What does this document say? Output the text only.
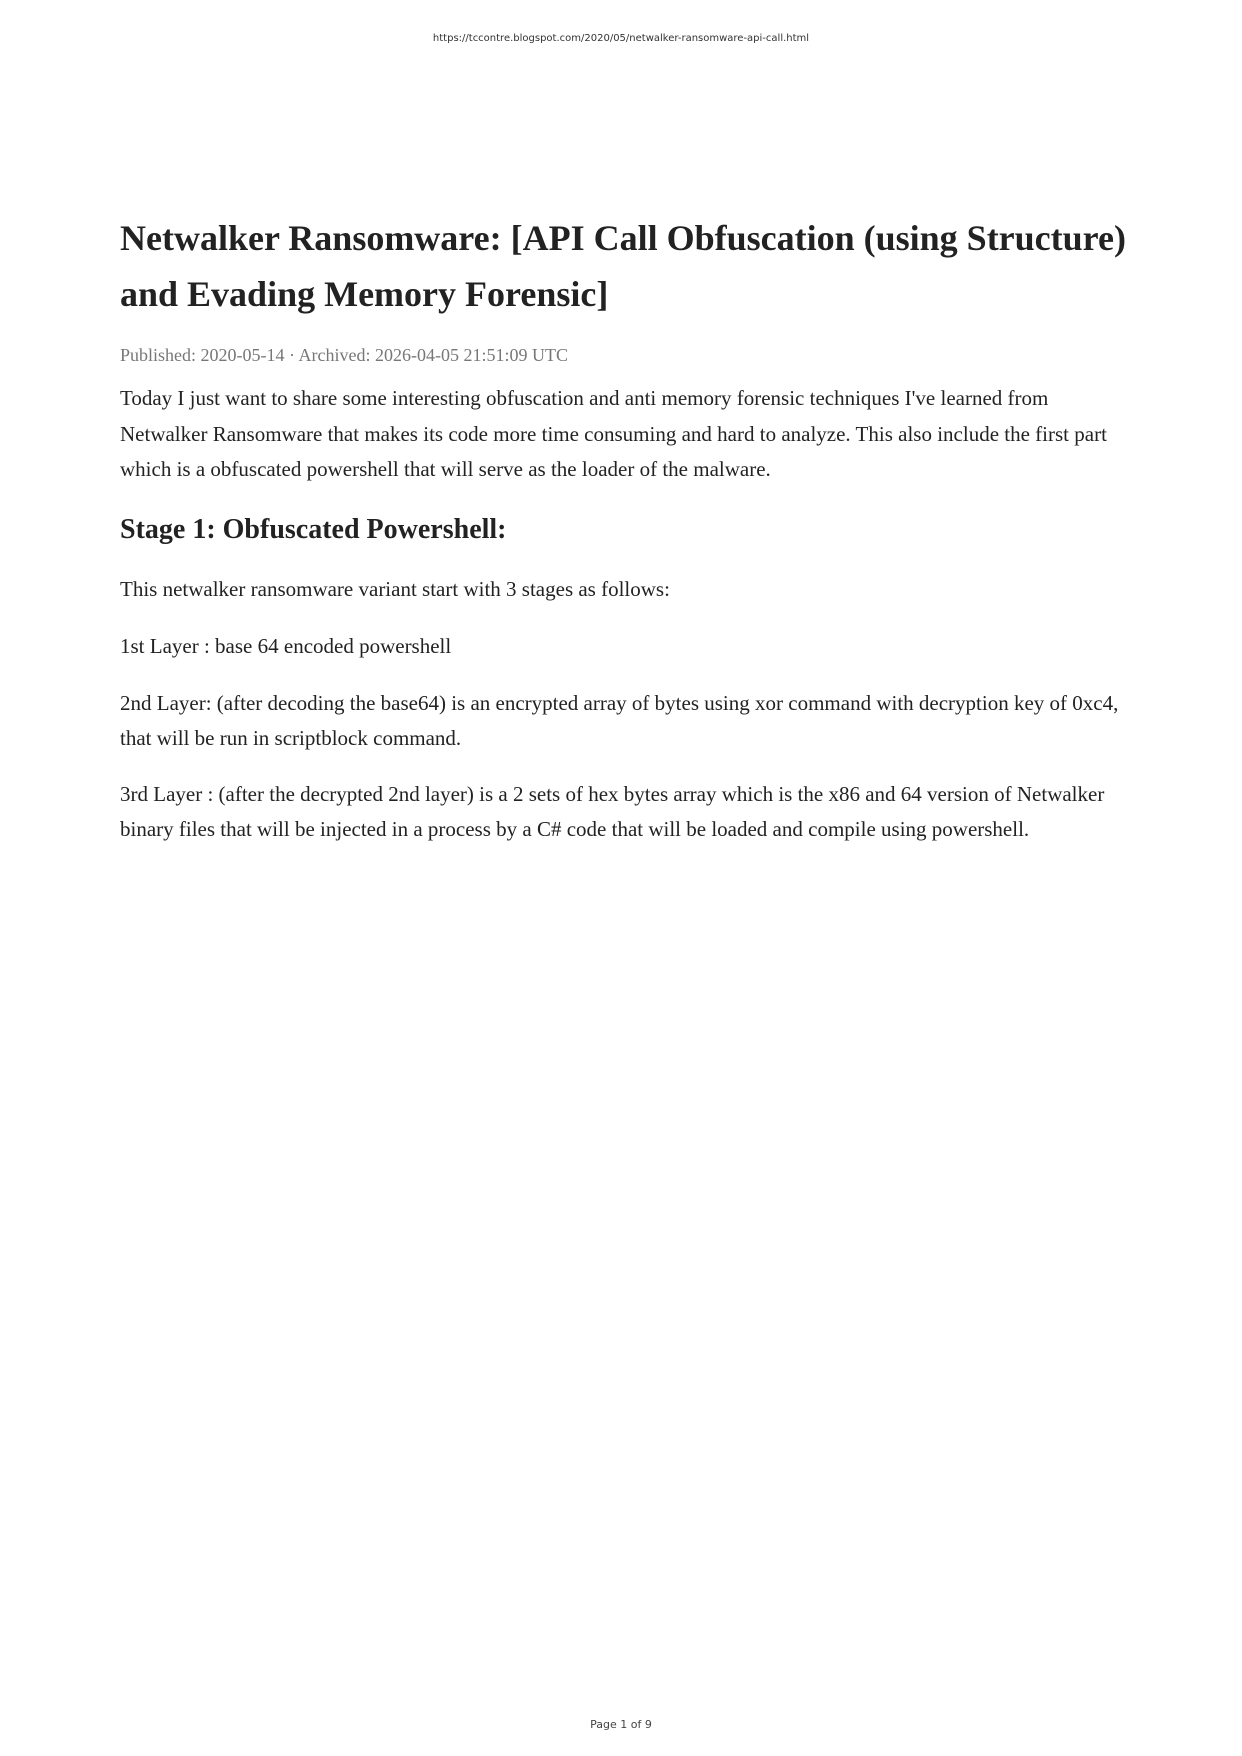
https://tccontre.blogspot.com/2020/05/netwalker-ransomware-api-call.html
Netwalker Ransomware: [API Call Obfuscation (using Structure) and Evading Memory Forensic]
Published: 2020-05-14 · Archived: 2026-04-05 21:51:09 UTC

Today I just want to share some interesting obfuscation and anti memory forensic techniques I've learned from Netwalker Ransomware that makes its code more time consuming and hard to analyze. This also include the first part which is a obfuscated powershell that will serve as the loader of the malware.

Stage 1: Obfuscated Powershell:

This netwalker ransomware variant start with 3 stages as follows:

1st Layer : base 64 encoded powershell

2nd Layer: (after decoding the base64) is an encrypted array of bytes using xor command with decryption key of 0xc4, that will be run in scriptblock command.

3rd Layer : (after the decrypted 2nd layer) is a 2 sets of hex bytes array which is the x86 and 64 version of Netwalker binary files that will be injected in a process by a C# code that will be loaded and compile using powershell.

Page 1 of 9
